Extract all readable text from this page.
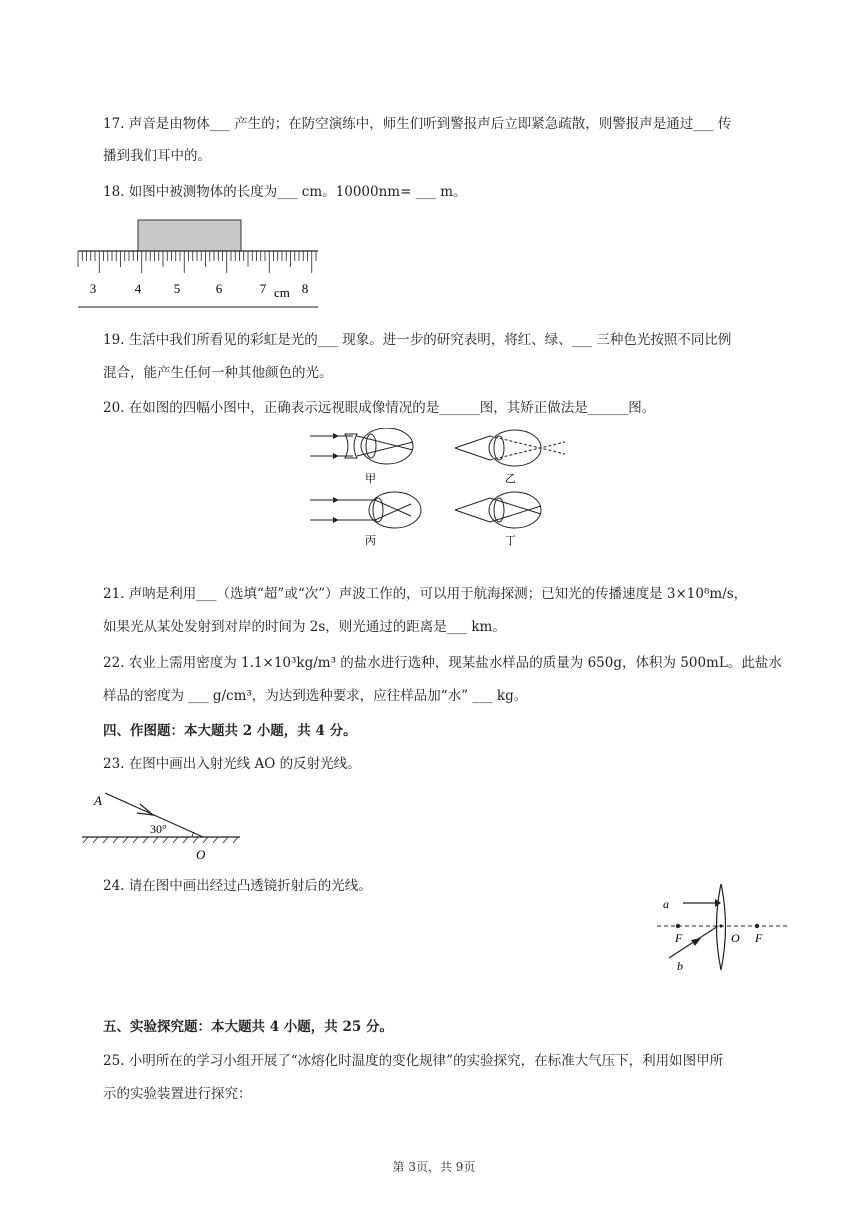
17. 声音是由物体___ 产生的；在防空演练中，师生们听到警报声后立即紧急疏散，则警报声是通过___ 传
播到我们耳中的。
18. 如图中被测物体的长度为___ cm。10000nm= ___ m。
3	4	5	6	7 cm 8
19. 生活中我们所看见的彩虹是光的___ 现象。进一步的研究表明，将红、绿、___ 三种色光按照不同比例
混合，能产生任何一种其他颜色的光。
20. 在如图的四幅小图中，正确表示远视眼成像情况的是______图，其矫正做法是______图。
甲	乙
丙	丁
21. 声呐是利用___（选填“超”或“次”）声波工作的，可以用于航海探测；已知光的传播速度是 3×10⁸m/s，
如果光从某处发射到对岸的时间为 2s，则光通过的距离是___ km。
22. 农业上需用密度为 1.1×10³kg/m³ 的盐水进行选种，现某盐水样品的质量为 650g，体积为 500mL。此盐水
样品的密度为 ___ g/cm³，为达到选种要求，应往样品加“水” ___ kg。
四、作图题：本大题共 2 小题，共 4 分。
23. 在图中画出入射光线 AO 的反射光线。
A
30°
O
24. 请在图中画出经过凸透镜折射后的光线。
a
F	O F
b
五、实验探究题：本大题共 4 小题，共 25 分。
25. 小明所在的学习小组开展了“冰熔化时温度的变化规律”的实验探究，在标准大气压下，利用如图甲所
示的实验装置进行探究：
第 3页，共 9页
